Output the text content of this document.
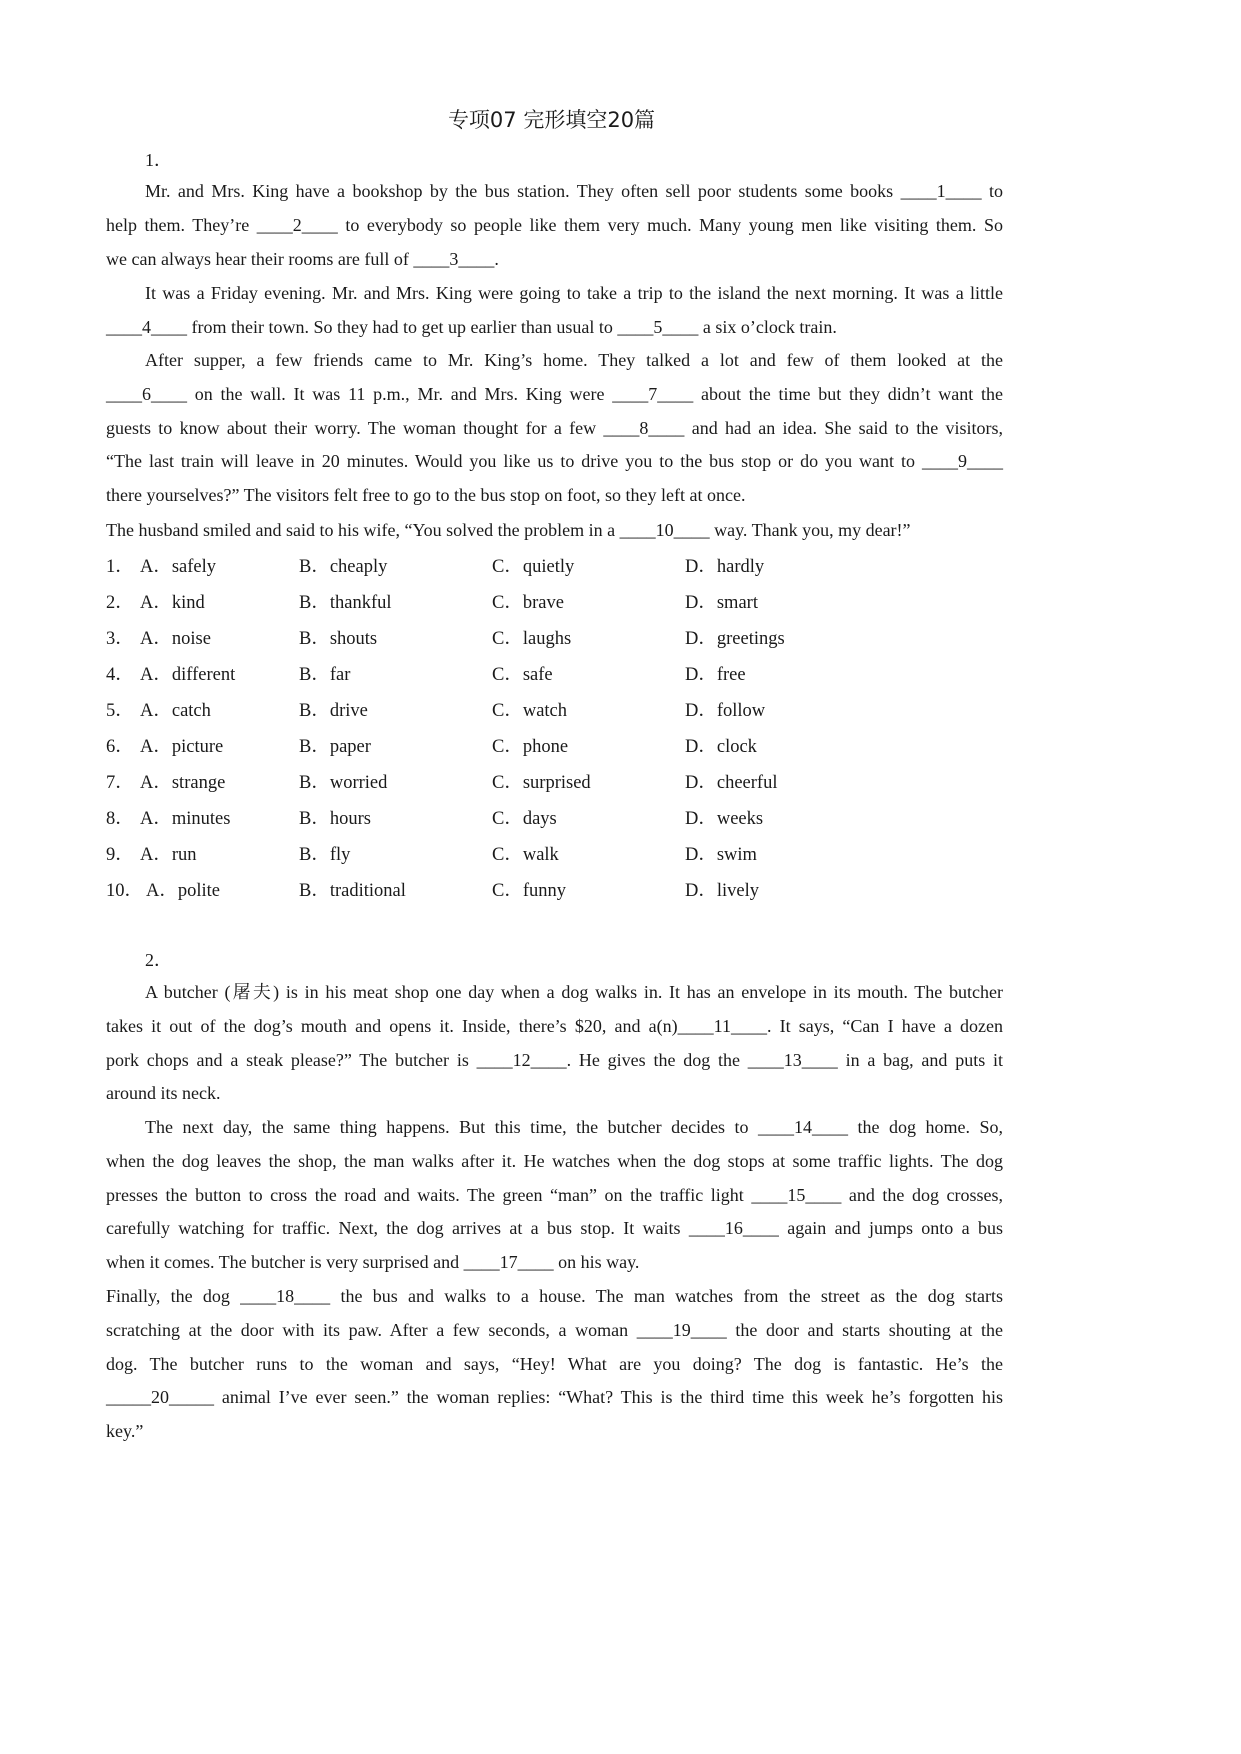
专项07 完形填空20篇
1．
Mr. and Mrs. King have a bookshop by the bus station. They often sell poor students some books ____1____ to
help them. They’re ____2____ to everybody so people like them very much. Many young men like visiting them. So
we can always hear their rooms are full of ____3____.
It was a Friday evening. Mr. and Mrs. King were going to take a trip to the island the next morning. It was a little
____4____ from their town. So they had to get up earlier than usual to ____5____ a six o’clock train.
After supper, a few friends came to Mr. King’s home. They talked a lot and few of them looked at the
____6____ on the wall. It was 11 p.m., Mr. and Mrs. King were ____7____ about the time but they didn’t want the
guests to know about their worry. The woman thought for a few ____8____ and had an idea. She said to the visitors,
“The last train will leave in 20 minutes. Would you like us to drive you to the bus stop or do you want to ____9____
there yourselves?” The visitors felt free to go to the bus stop on foot, so they left at once.
The husband smiled and said to his wife, “You solved the problem in a ____10____ way. Thank you, my dear!”
1． A．safely	B．cheaply	C．quietly	D．hardly
2． A．kind	B．thankful	C．brave	D．smart
3． A．noise	B．shouts	C．laughs	D．greetings
4． A．different	B．far	C．safe	D．free
5． A．catch	B．drive	C．watch	D．follow
6． A．picture	B．paper	C．phone	D．clock
7． A．strange	B．worried	C．surprised	D．cheerful
8． A．minutes	B．hours	C．days	D．weeks
9． A．run	B．fly	C．walk	D．swim
10． A．polite	B．traditional	C．funny	D．lively
2．
A butcher (屠夫) is in his meat shop one day when a dog walks in. It has an envelope in its mouth. The butcher
takes it out of the dog’s mouth and opens it. Inside, there’s $20, and a(n)____11____. It says, “Can I have a dozen
pork chops and a steak please?” The butcher is ____12____. He gives the dog the ____13____ in a bag, and puts it
around its neck.
The next day, the same thing happens. But this time, the butcher decides to ____14____ the dog home. So,
when the dog leaves the shop, the man walks after it. He watches when the dog stops at some traffic lights. The dog
presses the button to cross the road and waits. The green “man” on the traffic light ____15____ and the dog crosses,
carefully watching for traffic. Next, the dog arrives at a bus stop. It waits ____16____ again and jumps onto a bus
when it comes. The butcher is very surprised and ____17____ on his way.
Finally, the dog ____18____ the bus and walks to a house. The man watches from the street as the dog starts
scratching at the door with its paw. After a few seconds, a woman ____19____ the door and starts shouting at the
dog. The butcher runs to the woman and says, “Hey! What are you doing? The dog is fantastic. He’s the
_____20_____ animal I’ve ever seen.” the woman replies: “What? This is the third time this week he’s forgotten his
key.”
